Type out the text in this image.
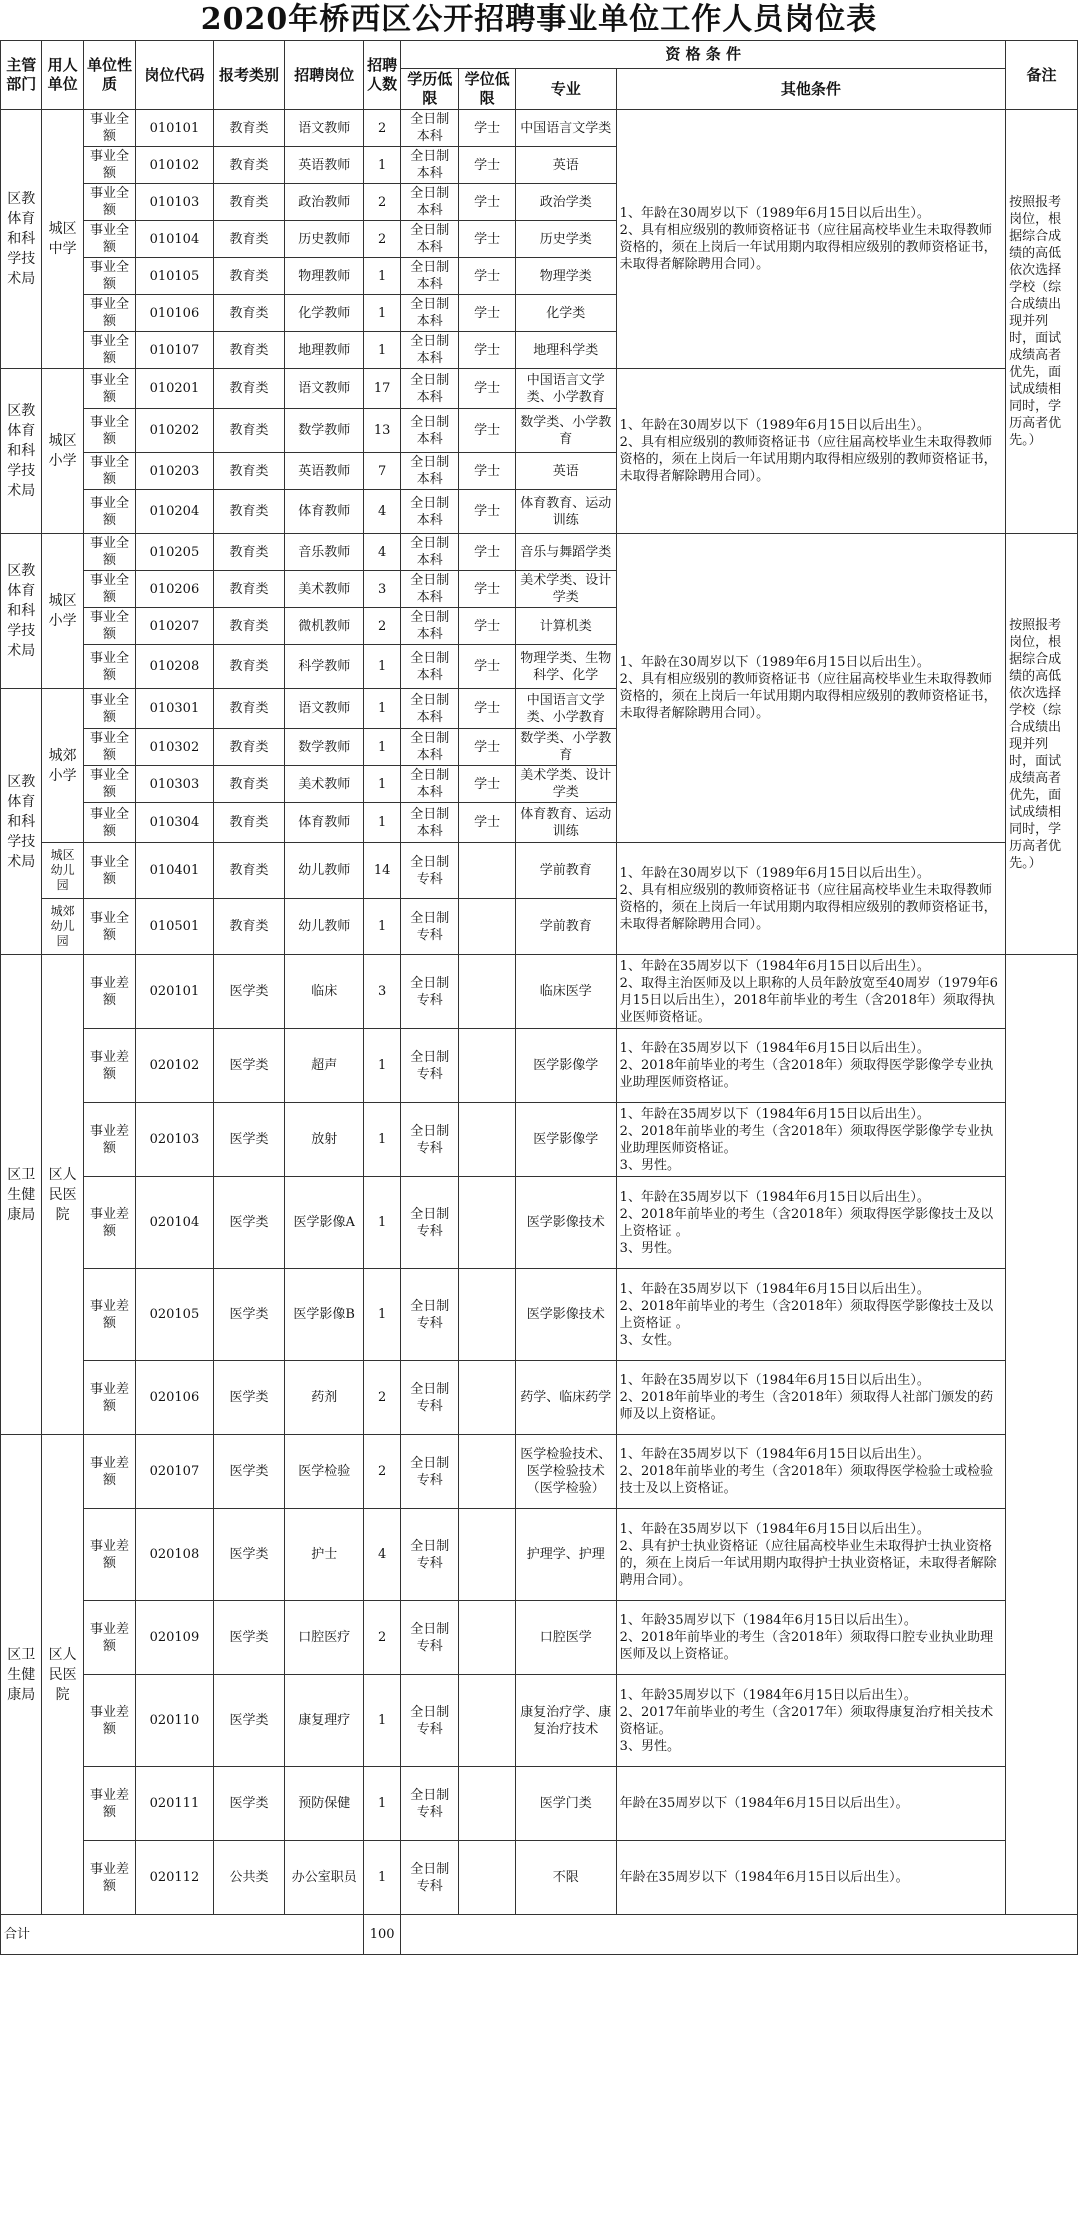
2020年桥西区公开招聘事业单位工作人员岗位表
主管部门	用人单位	单位性质	岗位代码	报考类别	招聘岗位	招聘人数	资 格 条 件				备注
							学历低限	学位低限	专业	其他条件	
区教体育和科学技术局	城区中学	事业全额	010101	教育类	语文教师	2	全日制本科	学士	中国语言文学类	1、年龄在30周岁以下（1989年6月15日以后出生）。
2、具有相应级别的教师资格证书（应往届高校毕业生未取得教师资格的，须在上岗后一年试用期内取得相应级别的教师资格证书，未取得者解除聘用合同）。	按照报考岗位，根据综合成绩的高低依次选择学校（综合成绩出现并列时，面试成绩高者优先，面试成绩相同时，学历高者优先。）
		事业全额	010102	教育类	英语教师	1	全日制本科	学士	英语		
		事业全额	010103	教育类	政治教师	2	全日制本科	学士	政治学类		
		事业全额	010104	教育类	历史教师	2	全日制本科	学士	历史学类		
		事业全额	010105	教育类	物理教师	1	全日制本科	学士	物理学类		
		事业全额	010106	教育类	化学教师	1	全日制本科	学士	化学类		
		事业全额	010107	教育类	地理教师	1	全日制本科	学士	地理科学类		
区教体育和科学技术局	城区小学	事业全额	010201	教育类	语文教师	17	全日制本科	学士	中国语言文学类、小学教育	1、年龄在30周岁以下（1989年6月15日以后出生）。
2、具有相应级别的教师资格证书（应往届高校毕业生未取得教师资格的，须在上岗后一年试用期内取得相应级别的教师资格证书，未取得者解除聘用合同）。	
		事业全额	010202	教育类	数学教师	13	全日制本科	学士	数学类、小学教育		
		事业全额	010203	教育类	英语教师	7	全日制本科	学士	英语		
		事业全额	010204	教育类	体育教师	4	全日制本科	学士	体育教育、运动训练		
区教体育和科学技术局	城区小学	事业全额	010205	教育类	音乐教师	4	全日制本科	学士	音乐与舞蹈学类	1、年龄在30周岁以下（1989年6月15日以后出生）。
2、具有相应级别的教师资格证书（应往届高校毕业生未取得教师资格的，须在上岗后一年试用期内取得相应级别的教师资格证书，未取得者解除聘用合同）。	按照报考岗位，根据综合成绩的高低依次选择学校（综合成绩出现并列时，面试成绩高者优先，面试成绩相同时，学历高者优先。）
		事业全额	010206	教育类	美术教师	3	全日制本科	学士	美术学类、设计学类		
		事业全额	010207	教育类	微机教师	2	全日制本科	学士	计算机类		
		事业全额	010208	教育类	科学教师	1	全日制本科	学士	物理学类、生物科学、化学		
区教体育和科学技术局	城郊小学	事业全额	010301	教育类	语文教师	1	全日制本科	学士	中国语言文学类、小学教育		
		事业全额	010302	教育类	数学教师	1	全日制本科	学士	数学类、小学教育		
		事业全额	010303	教育类	美术教师	1	全日制本科	学士	美术学类、设计学类		
		事业全额	010304	教育类	体育教师	1	全日制本科	学士	体育教育、运动训练		
	城区幼儿园	事业全额	010401	教育类	幼儿教师	14	全日制专科		学前教育	1、年龄在30周岁以下（1989年6月15日以后出生）。
2、具有相应级别的教师资格证书（应往届高校毕业生未取得教师资格的，须在上岗后一年试用期内取得相应级别的教师资格证书，未取得者解除聘用合同）。	
	城郊幼儿园	事业全额	010501	教育类	幼儿教师	1	全日制专科		学前教育		
区卫生健康局	区人民医院	事业差额	020101	医学类	临床	3	全日制专科		临床医学	1、年龄在35周岁以下（1984年6月15日以后出生）。
2、取得主治医师及以上职称的人员年龄放宽至40周岁（1979年6月15日以后出生），2018年前毕业的考生（含2018年）须取得执业医师资格证。	
		事业差额	020102	医学类	超声	1	全日制专科		医学影像学	1、年龄在35周岁以下（1984年6月15日以后出生）。
2、2018年前毕业的考生（含2018年）须取得医学影像学专业执业助理医师资格证。	
		事业差额	020103	医学类	放射	1	全日制专科		医学影像学	1、年龄在35周岁以下（1984年6月15日以后出生）。
2、2018年前毕业的考生（含2018年）须取得医学影像学专业执业助理医师资格证。
3、男性。	
		事业差额	020104	医学类	医学影像A	1	全日制专科		医学影像技术	1、年龄在35周岁以下（1984年6月15日以后出生）。
2、2018年前毕业的考生（含2018年）须取得医学影像技士及以上资格证 。
3、男性。	
		事业差额	020105	医学类	医学影像B	1	全日制专科		医学影像技术	1、年龄在35周岁以下（1984年6月15日以后出生）。
2、2018年前毕业的考生（含2018年）须取得医学影像技士及以上资格证 。
3、女性。	
		事业差额	020106	医学类	药剂	2	全日制专科		药学、临床药学	1、年龄在35周岁以下（1984年6月15日以后出生）。
2、2018年前毕业的考生（含2018年）须取得人社部门颁发的药师及以上资格证。	
区卫生健康局	区人民医院	事业差额	020107	医学类	医学检验	2	全日制专科		医学检验技术、医学检验技术（医学检验）	1、年龄在35周岁以下（1984年6月15日以后出生）。
2、2018年前毕业的考生（含2018年）须取得医学检验士或检验技士及以上资格证。	
		事业差额	020108	医学类	护士	4	全日制专科		护理学、护理	1、年龄在35周岁以下（1984年6月15日以后出生）。
2、具有护士执业资格证（应往届高校毕业生未取得护士执业资格的，须在上岗后一年试用期内取得护士执业资格证，未取得者解除聘用合同）。	
		事业差额	020109	医学类	口腔医疗	2	全日制专科		口腔医学	1、年龄35周岁以下（1984年6月15日以后出生）。
2、2018年前毕业的考生（含2018年）须取得口腔专业执业助理医师及以上资格证。	
		事业差额	020110	医学类	康复理疗	1	全日制专科		康复治疗学、康复治疗技术	1、年龄35周岁以下（1984年6月15日以后出生）。
2、2017年前毕业的考生（含2017年）须取得康复治疗相关技术资格证。
3、男性。	
		事业差额	020111	医学类	预防保健	1	全日制专科		医学门类	年龄在35周岁以下（1984年6月15日以后出生）。	
		事业差额	020112	公共类	办公室职员	1	全日制专科		不限	年龄在35周岁以下（1984年6月15日以后出生）。	
合计						100					
